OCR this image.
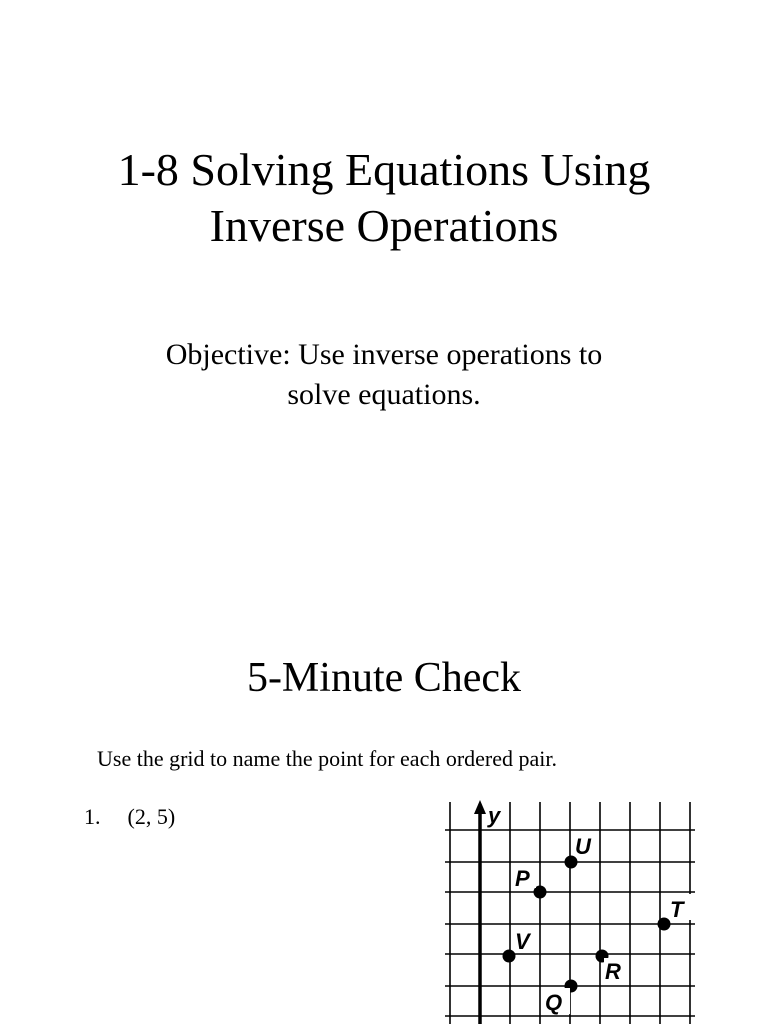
1-8 Solving Equations Using
Inverse Operations
Objective: Use inverse operations to
solve equations.
5-Minute Check
Use the grid to name the point for each ordered pair.
1. (2, 5)	y
U
P
T
V
R
Q
